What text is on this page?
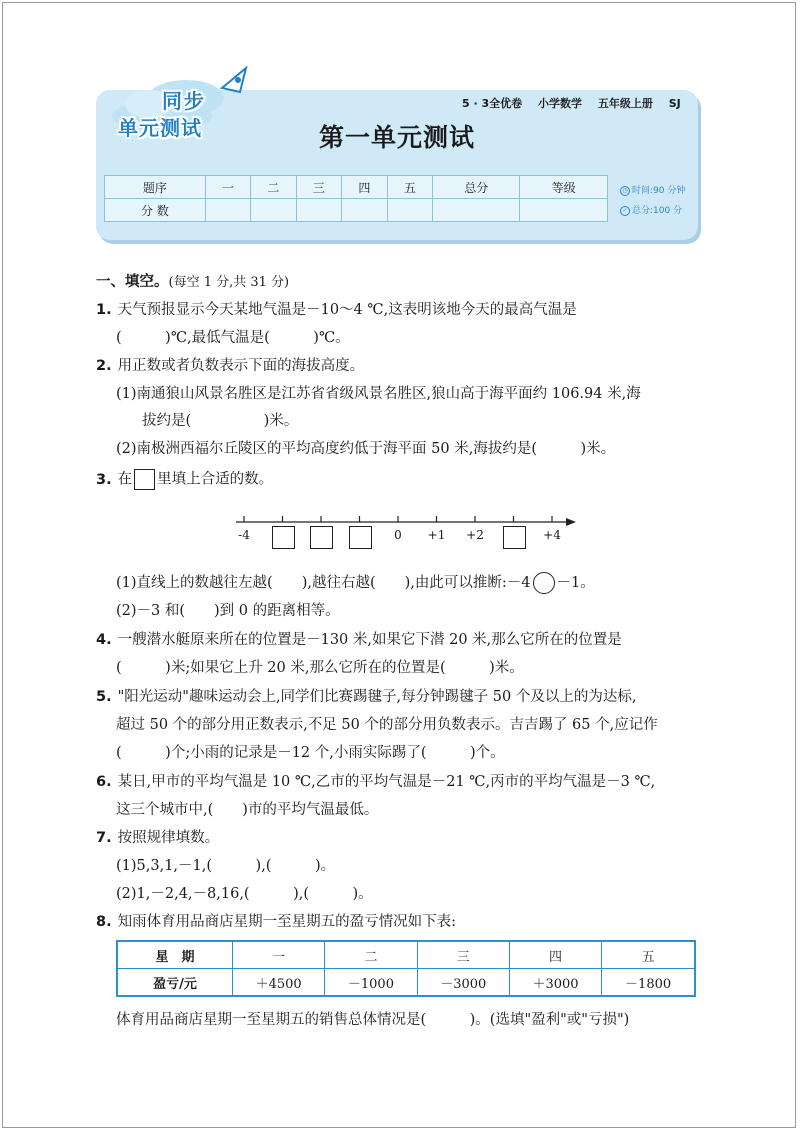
同步
单元测试
5 · 3全优卷 小学数学 五年级上册 SJ
第一单元测试
题序	一	二	三	四	五	总分	等级
分 数							
◷ 时间:90 分钟
✓ 总分:100 分
一、填空。(每空 1 分,共 31 分)
1. 天气预报显示今天某地气温是－10～4 ℃,这表明该地今天的最高气温是
(　　　)℃,最低气温是(　　　)℃。
2. 用正数或者负数表示下面的海拔高度。
(1)南通狼山风景名胜区是江苏省省级风景名胜区,狼山高于海平面约 106.94 米,海
拔约是(　　　　　)米。
(2)南极洲西福尔丘陵区的平均高度约低于海平面 50 米,海拔约是(　　　)米。
3. 在 里填上合适的数。
-4	0	+1	+2	+4
(1)直线上的数越往左越(　　),越往右越(　　),由此可以推断:－4 －1。
(2)－3 和(　　)到 0 的距离相等。
4. 一艘潜水艇原来所在的位置是－130 米,如果它下潜 20 米,那么它所在的位置是
(　　　)米;如果它上升 20 米,那么它所在的位置是(　　　)米。
5. "阳光运动"趣味运动会上,同学们比赛踢毽子,每分钟踢毽子 50 个及以上的为达标,
超过 50 个的部分用正数表示,不足 50 个的部分用负数表示。吉吉踢了 65 个,应记作
(　　　)个;小雨的记录是－12 个,小雨实际踢了(　　　)个。
6. 某日,甲市的平均气温是 10 ℃,乙市的平均气温是－21 ℃,丙市的平均气温是－3 ℃,
这三个城市中,(　　)市的平均气温最低。
7. 按照规律填数。
(1)5,3,1,－1,(　　　),(　　　)。
(2)1,－2,4,－8,16,(　　　),(　　　)。
8. 知雨体育用品商店星期一至星期五的盈亏情况如下表:
星　期	一	二	三	四	五
盈亏/元	＋4500	－1000	－3000	＋3000	－1800
体育用品商店星期一至星期五的销售总体情况是(　　　)。(选填"盈利"或"亏损")
